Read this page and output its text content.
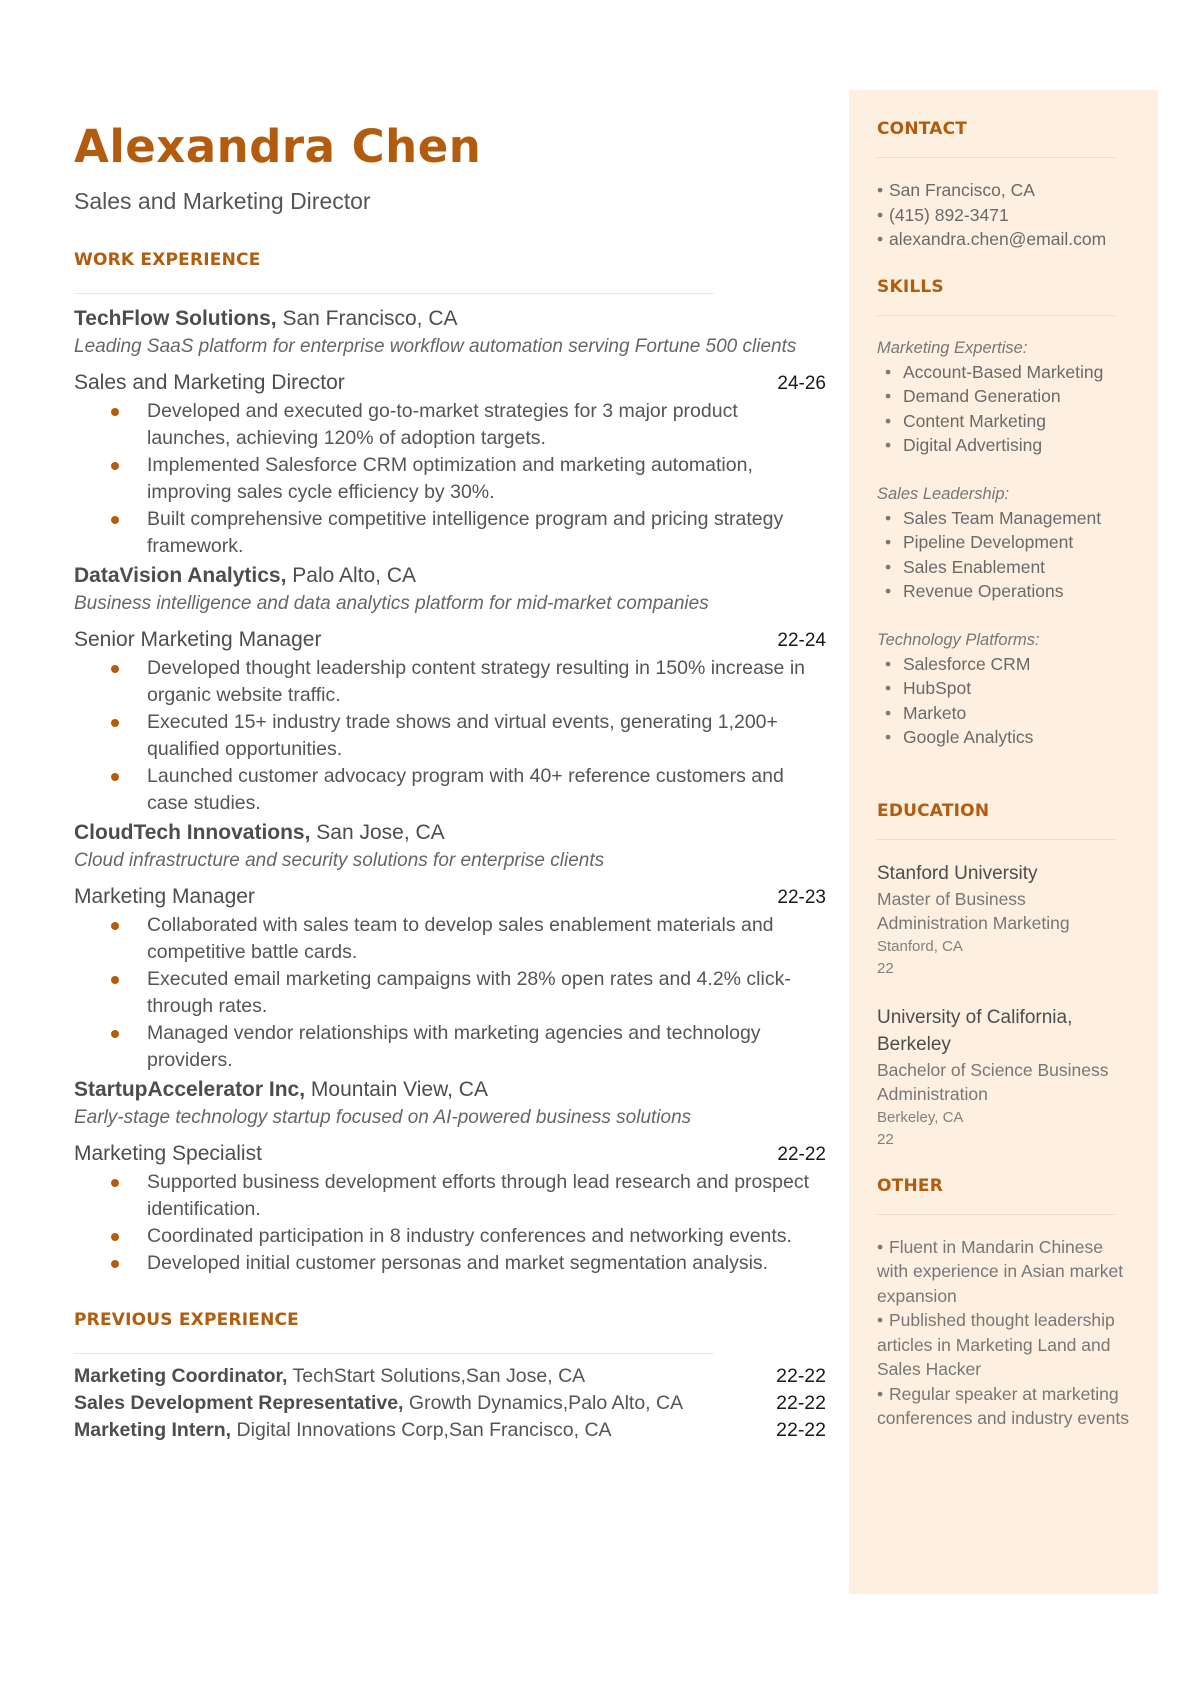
Alexandra Chen
Sales and Marketing Director
WORK EXPERIENCE
TechFlow Solutions, San Francisco, CA
Leading SaaS platform for enterprise workflow automation serving Fortune 500 clients
Sales and Marketing Director	24-26
Developed and executed go-to-market strategies for 3 major product launches, achieving 120% of adoption targets.
Implemented Salesforce CRM optimization and marketing automation, improving sales cycle efficiency by 30%.
Built comprehensive competitive intelligence program and pricing strategy framework.
DataVision Analytics, Palo Alto, CA
Business intelligence and data analytics platform for mid-market companies
Senior Marketing Manager	22-24
Developed thought leadership content strategy resulting in 150% increase in organic website traffic.
Executed 15+ industry trade shows and virtual events, generating 1,200+ qualified opportunities.
Launched customer advocacy program with 40+ reference customers and case studies.
CloudTech Innovations, San Jose, CA
Cloud infrastructure and security solutions for enterprise clients
Marketing Manager	22-23
Collaborated with sales team to develop sales enablement materials and competitive battle cards.
Executed email marketing campaigns with 28% open rates and 4.2% click-through rates.
Managed vendor relationships with marketing agencies and technology providers.
StartupAccelerator Inc, Mountain View, CA
Early-stage technology startup focused on AI-powered business solutions
Marketing Specialist	22-22
Supported business development efforts through lead research and prospect identification.
Coordinated participation in 8 industry conferences and networking events.
Developed initial customer personas and market segmentation analysis.
PREVIOUS EXPERIENCE
Marketing Coordinator, TechStart Solutions,San Jose, CA	22-22
Sales Development Representative, Growth Dynamics,Palo Alto, CA	22-22
Marketing Intern, Digital Innovations Corp,San Francisco, CA	22-22
CONTACT
• San Francisco, CA
• (415) 892-3471
• alexandra.chen@email.com
SKILLS
Marketing Expertise:
• Account-Based Marketing
• Demand Generation
• Content Marketing
• Digital Advertising
Sales Leadership:
• Sales Team Management
• Pipeline Development
• Sales Enablement
• Revenue Operations
Technology Platforms:
• Salesforce CRM
• HubSpot
• Marketo
• Google Analytics
EDUCATION
Stanford University
Master of Business Administration Marketing
Stanford, CA
22
University of California, Berkeley
Bachelor of Science Business Administration
Berkeley, CA
22
OTHER
• Fluent in Mandarin Chinese with experience in Asian market expansion
• Published thought leadership articles in Marketing Land and Sales Hacker
• Regular speaker at marketing conferences and industry events
